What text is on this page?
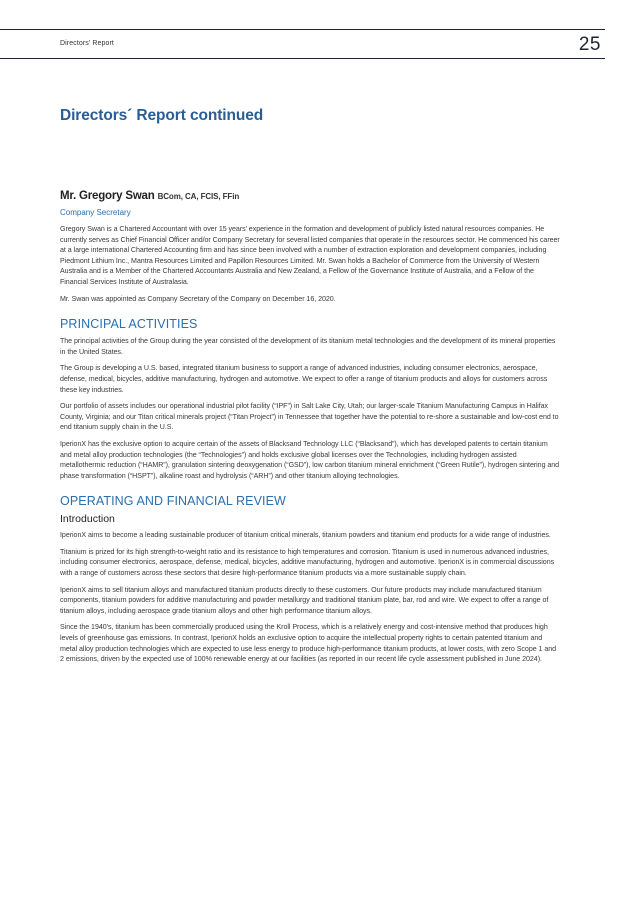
Directors’ Report	25
Directors´ Report continued
Mr. Gregory Swan BCom, CA, FCIS, FFin
Company Secretary

Gregory Swan is a Chartered Accountant with over 15 years’ experience in the formation and development of publicly listed natural resources companies. He currently serves as Chief Financial Officer and/or Company Secretary for several listed companies that operate in the resources sector. He commenced his career at a large international Chartered Accounting firm and has since been involved with a number of extraction exploration and development companies, including Piedmont Lithium Inc., Mantra Resources Limited and Papillon Resources Limited. Mr. Swan holds a Bachelor of Commerce from the University of Western Australia and is a Member of the Chartered Accountants Australia and New Zealand, a Fellow of the Governance Institute of Australia, and a Fellow of the Financial Services Institute of Australasia.

Mr. Swan was appointed as Company Secretary of the Company on December 16, 2020.

PRINCIPAL ACTIVITIES

The principal activities of the Group during the year consisted of the development of its titanium metal technologies and the development of its mineral properties in the United States.

The Group is developing a U.S. based, integrated titanium business to support a range of advanced industries, including consumer electronics, aerospace, defense, medical, bicycles, additive manufacturing, hydrogen and automotive. We expect to offer a range of titanium products and alloys for customers across these key industries.

Our portfolio of assets includes our operational industrial pilot facility (“IPF”) in Salt Lake City, Utah; our larger-scale Titanium Manufacturing Campus in Halifax County, Virginia; and our Titan critical minerals project (“Titan Project”) in Tennessee that together have the potential to re-shore a sustainable and low-cost end to end titanium supply chain in the U.S.

IperionX has the exclusive option to acquire certain of the assets of Blacksand Technology LLC (“Blacksand”), which has developed patents to certain titanium and metal alloy production technologies (the “Technologies”) and holds exclusive global licenses over the Technologies, including hydrogen assisted metallothermic reduction (“HAMR”), granulation sintering deoxygenation (“GSD”), low carbon titanium mineral enrichment (“Green Rutile”), hydrogen sintering and phase transformation (“HSPT”), alkaline roast and hydrolysis (“ARH”) and other titanium alloying technologies.

OPERATING AND FINANCIAL REVIEW
Introduction

IperionX aims to become a leading sustainable producer of titanium critical minerals, titanium powders and titanium end products for a wide range of industries.

Titanium is prized for its high strength-to-weight ratio and its resistance to high temperatures and corrosion. Titanium is used in numerous advanced industries, including consumer electronics, aerospace, defense, medical, bicycles, additive manufacturing, hydrogen and automotive. IperionX is in commercial discussions with a range of customers across these sectors that desire high-performance titanium products via a more sustainable supply chain.

IperionX aims to sell titanium alloys and manufactured titanium products directly to these customers. Our future products may include manufactured titanium components, titanium powders for additive manufacturing and powder metallurgy and traditional titanium plate, bar, rod and wire. We expect to offer a range of titanium alloys, including aerospace grade titanium alloys and other high performance titanium alloys.

Since the 1940’s, titanium has been commercially produced using the Kroll Process, which is a relatively energy and cost-intensive method that produces high levels of greenhouse gas emissions. In contrast, IperionX holds an exclusive option to acquire the intellectual property rights to certain patented titanium and metal alloy production technologies which are expected to use less energy to produce high-performance titanium products, at lower costs, with zero Scope 1 and 2 emissions, driven by the expected use of 100% renewable energy at our facilities (as reported in our recent life cycle assessment published in June 2024).
